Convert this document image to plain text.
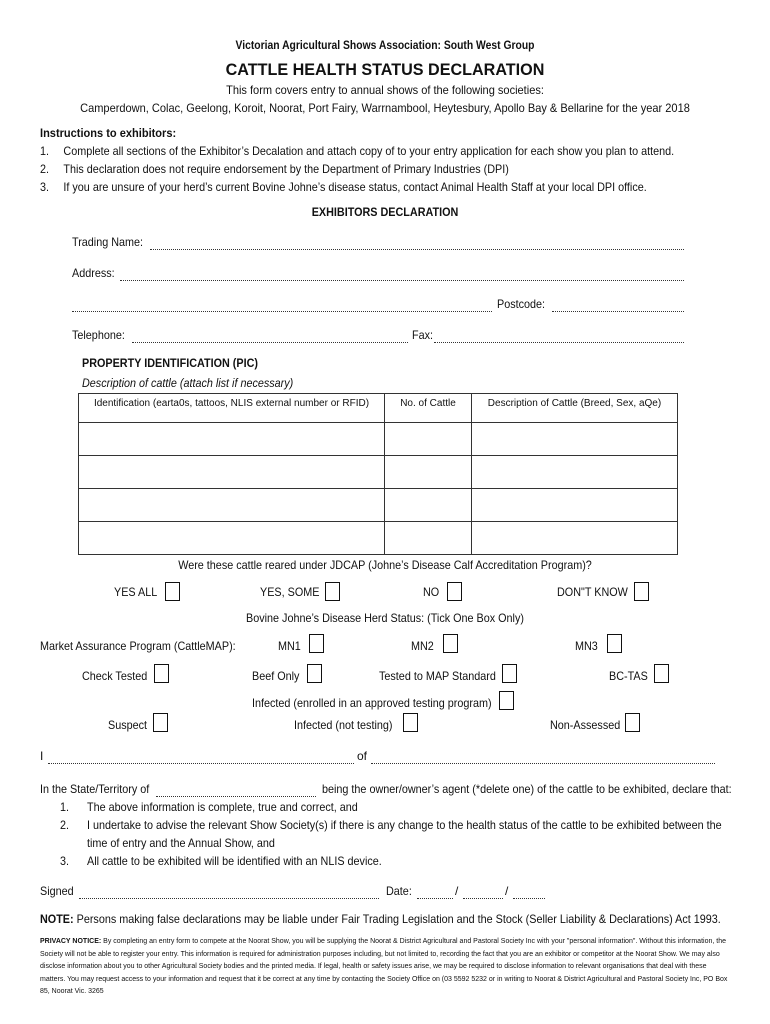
Victorian Agricultural Shows Association: South West Group
CATTLE HEALTH STATUS DECLARATION
This form covers entry to annual shows of the following societies:
Camperdown, Colac, Geelong, Koroit, Noorat, Port Fairy, Warrnambool, Heytesbury, Apollo Bay & Bellarine for the year 2018
Instructions to exhibitors:
1. Complete all sections of the Exhibitor’s Decalation and attach copy of to your entry application for each show you plan to attend.
2. This declaration does not require endorsement by the Department of Primary Industries (DPI)
3. If you are unsure of your herd’s current Bovine Johne’s disease status, contact Animal Health Staff at your local DPI office.
EXHIBITORS DECLARATION
Trading Name:
Address:
Postcode:
Telephone:	Fax:
PROPERTY IDENTIFICATION (PIC)
Description of cattle (attach list if necessary)
Identification (earta0s, tattoos, NLIS external number or RFID)	No. of Cattle	Description of Cattle (Breed, Sex, aQe)

Were these cattle reared under JDCAP (Johne’s Disease Calf Accreditation Program)?
YES ALL	YES, SOME	NO	DON"T KNOW
Bovine Johne’s Disease Herd Status: (Tick One Box Only)
Market Assurance Program (CattleMAP):	MN1	MN2	MN3
Check Tested	Beef Only	Tested to MAP Standard	BC-TAS
Infected (enrolled in an approved testing program)
Suspect	Infected (not testing)	Non-Assessed
I	of
In the State/Territory of	being the owner/owner’s agent (*delete one) of the cattle to be exhibited, declare that:
1. The above information is complete, true and correct, and
2. I undertake to advise the relevant Show Society(s) if there is any change to the health status of the cattle to be exhibited between the
time of entry and the Annual Show, and
3. All cattle to be exhibited will be identified with an NLIS device.
Signed	Date:	/	/
NOTE: Persons making false declarations may be liable under Fair Trading Legislation and the Stock (Seller Liability & Declarations) Act 1993.
PRIVACY NOTICE: By completing an entry form to compete at the Noorat Show, you will be supplying the Noorat & District Agricultural and Pastoral Society Inc with your "personal information". Without this information, the Society will not be able to register your entry. This information is required for administration purposes including, but not limited to, recording the fact that you are an exhibitor or competitor at the Noorat Show. We may also disclose information about you to other Agricultural Society bodies and the printed media. If legal, health or safety issues arise, we may be required to disclose information to relevant organisations that deal with these matters. You may request access to your information and request that it be correct at any time by contacting the Society Office on (03 5592 5232 or in writing to Noorat & District Agricultural and Pastoral Society Inc, PO Box 85, Noorat Vic. 3265
